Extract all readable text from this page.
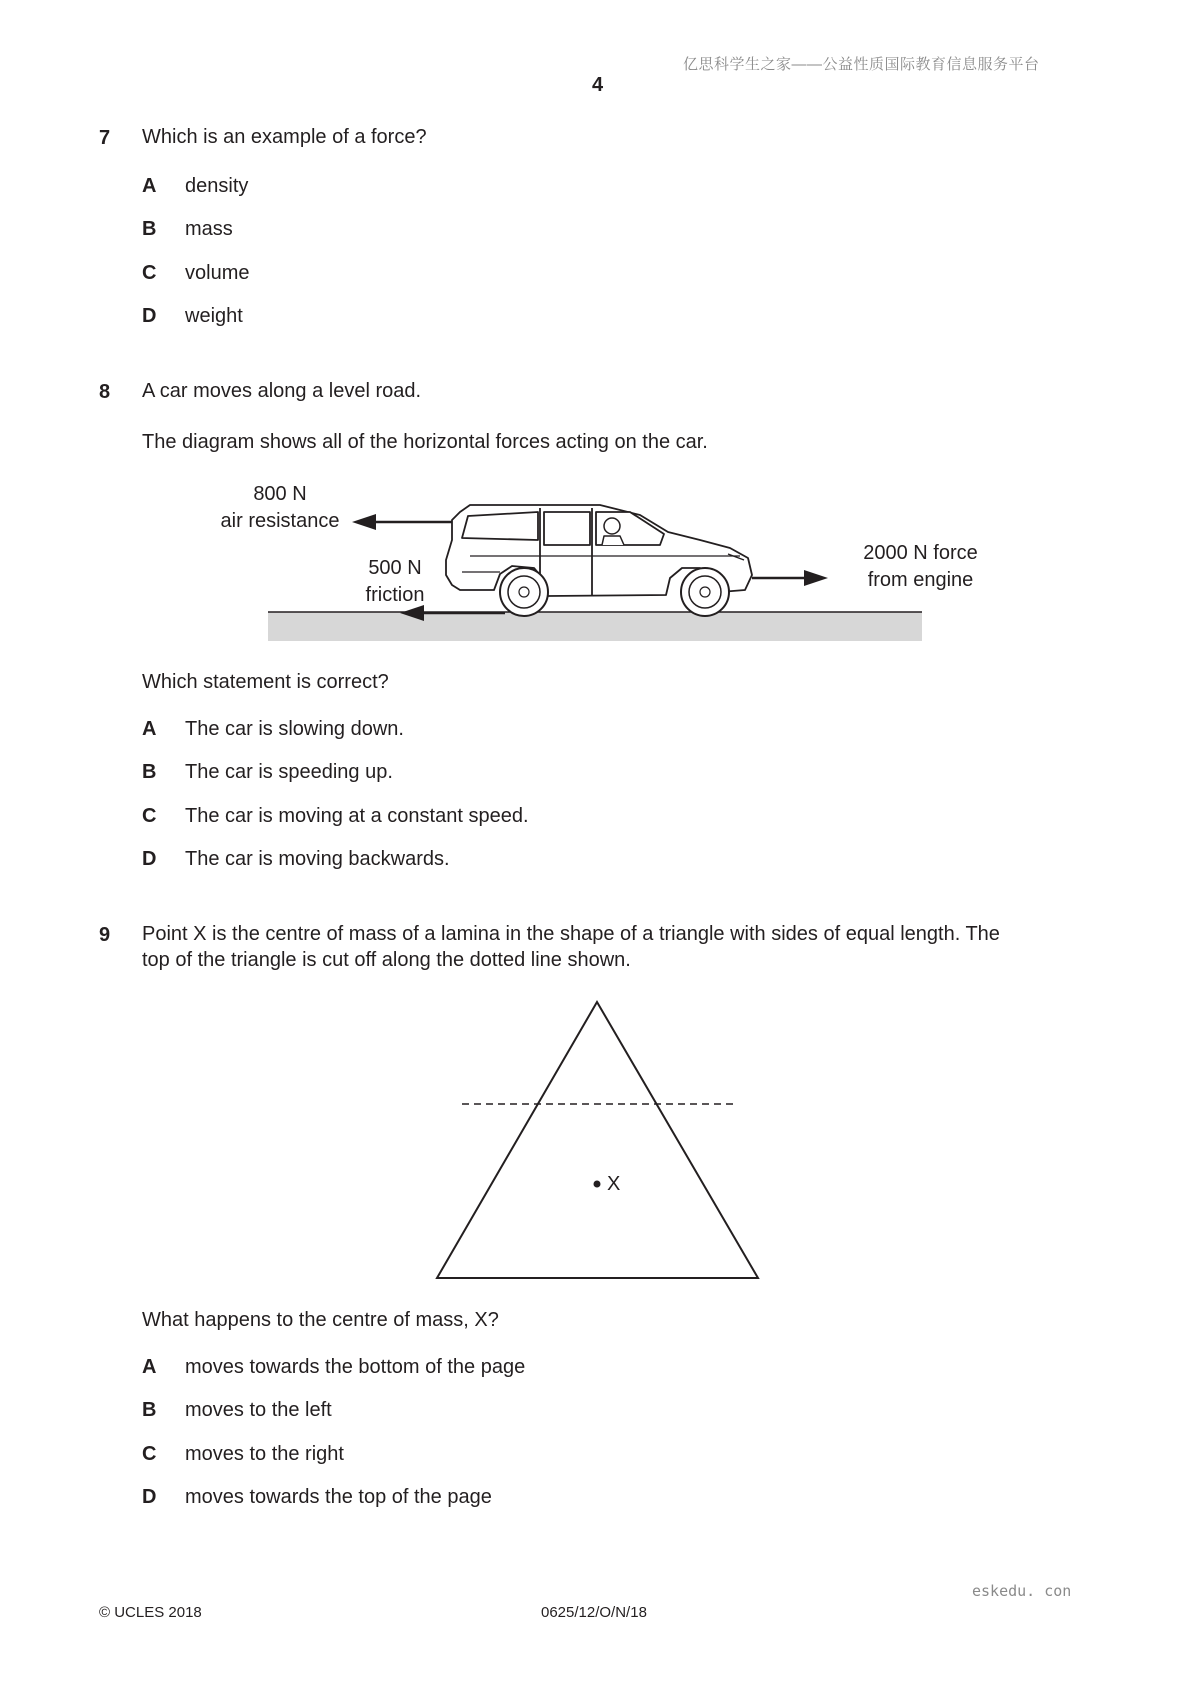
亿思科学生之家——公益性质国际教育信息服务平台
4
7 Which is an example of a force?
A density
B mass
C volume
D weight
8 A car moves along a level road.
The diagram shows all of the horizontal forces acting on the car.
800 N
air resistance
500 N
friction
2000 N force
from engine
Which statement is correct?
A The car is slowing down.
B The car is speeding up.
C The car is moving at a constant speed.
D The car is moving backwards.
9 Point X is the centre of mass of a lamina in the shape of a triangle with sides of equal length. The
top of the triangle is cut off along the dotted line shown.
X
What happens to the centre of mass, X?
A moves towards the bottom of the page
B moves to the left
C moves to the right
D moves towards the top of the page
eskedu. con
© UCLES 2018	0625/12/O/N/18
